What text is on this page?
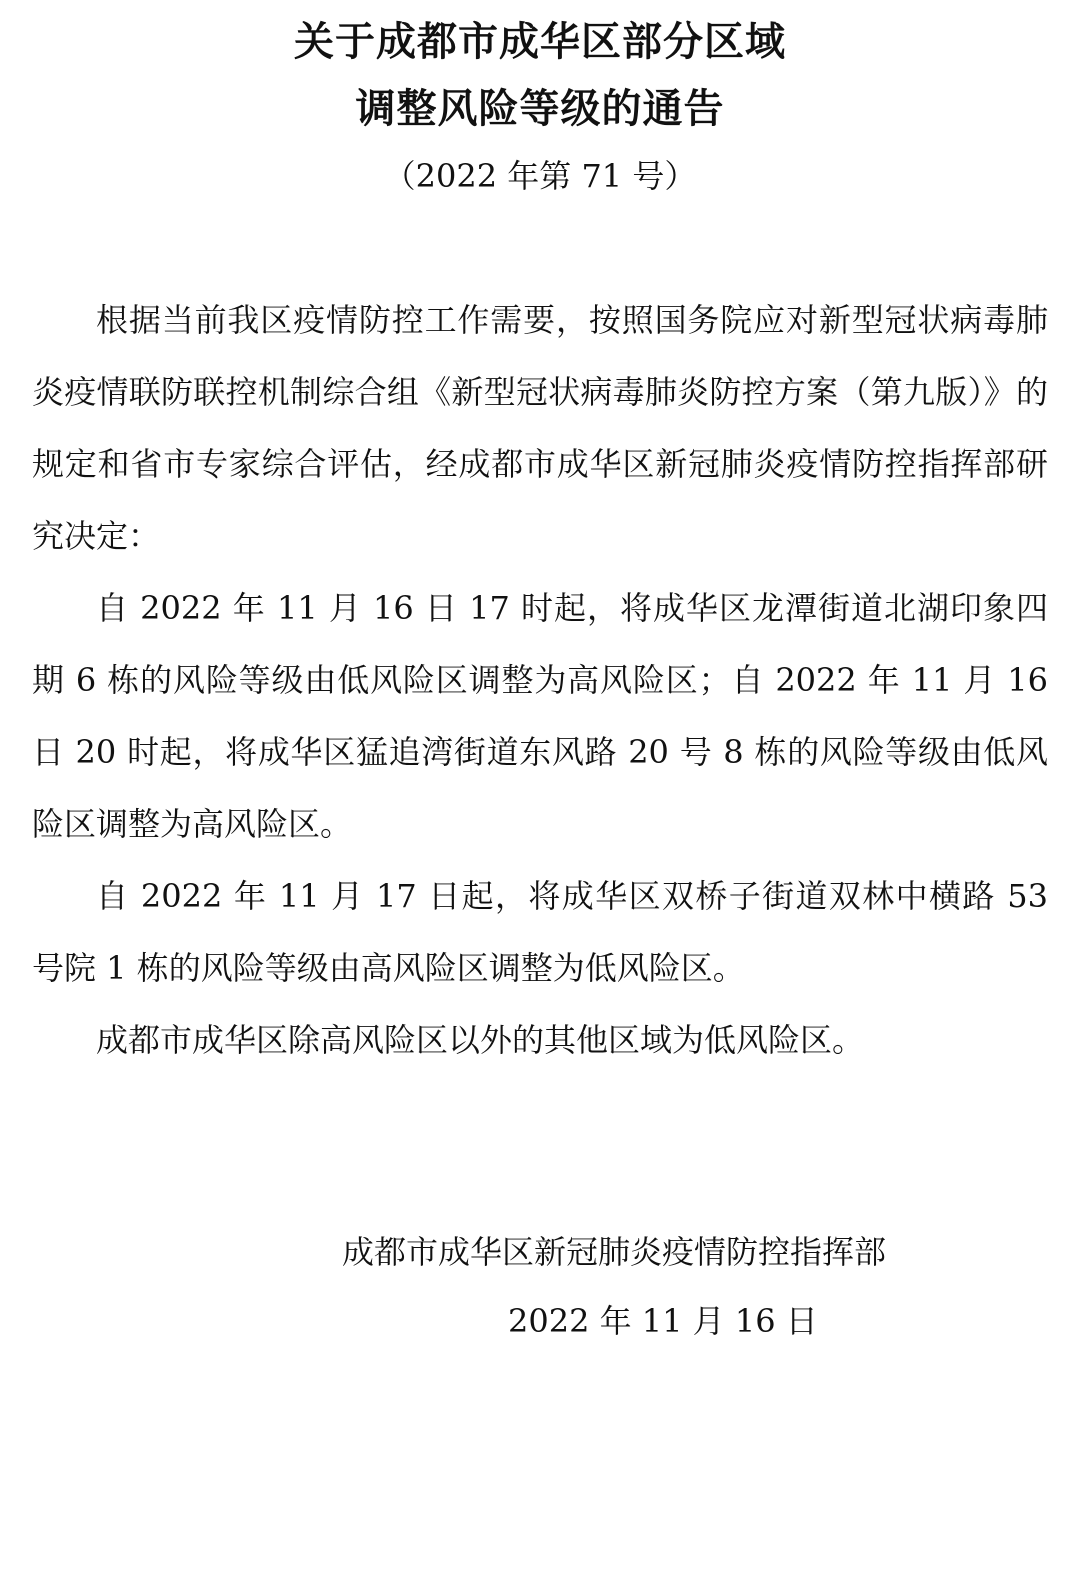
关于成都市成华区部分区域
调整风险等级的通告
（2022 年第 71 号）

根据当前我区疫情防控工作需要，按照国务院应对新型冠状病毒肺炎疫情联防联控机制综合组《新型冠状病毒肺炎防控方案（第九版）》的规定和省市专家综合评估，经成都市成华区新冠肺炎疫情防控指挥部研究决定：

自 2022 年 11 月 16 日 17 时起，将成华区龙潭街道北湖印象四期 6 栋的风险等级由低风险区调整为高风险区；自 2022 年 11 月 16 日 20 时起，将成华区猛追湾街道东风路 20 号 8 栋的风险等级由低风险区调整为高风险区。

自 2022 年 11 月 17 日起，将成华区双桥子街道双林中横路 53 号院 1 栋的风险等级由高风险区调整为低风险区。

成都市成华区除高风险区以外的其他区域为低风险区。

成都市成华区新冠肺炎疫情防控指挥部
2022 年 11 月 16 日
